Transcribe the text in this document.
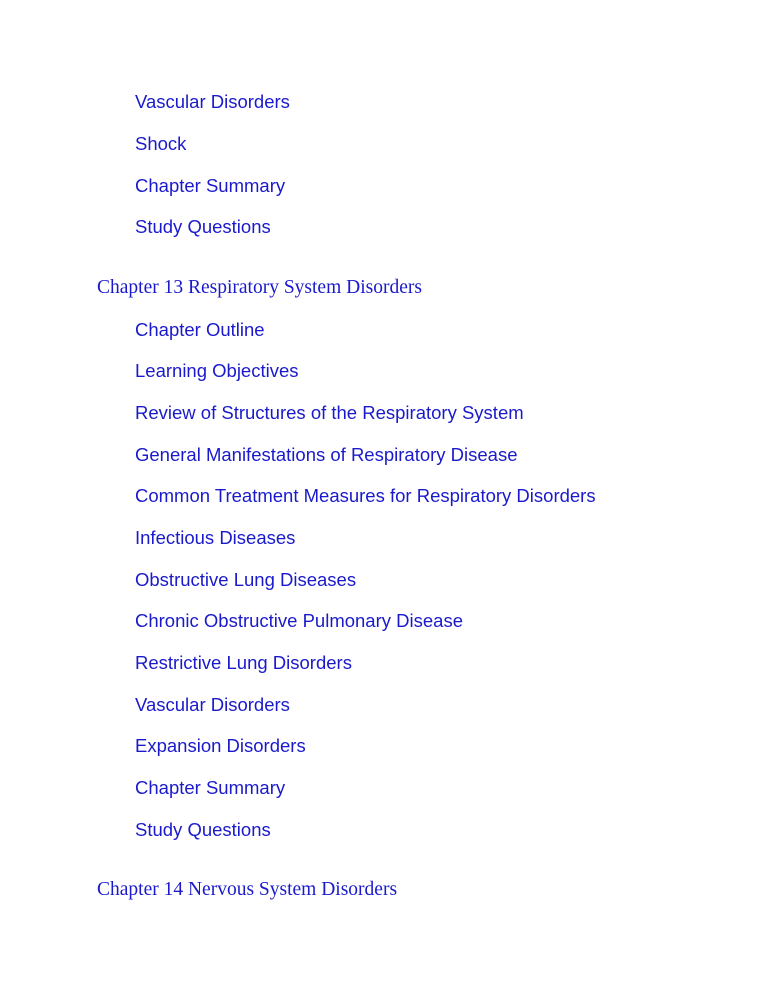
Vascular Disorders
Shock
Chapter Summary
Study Questions
Chapter 13 Respiratory System Disorders
Chapter Outline
Learning Objectives
Review of Structures of the Respiratory System
General Manifestations of Respiratory Disease
Common Treatment Measures for Respiratory Disorders
Infectious Diseases
Obstructive Lung Diseases
Chronic Obstructive Pulmonary Disease
Restrictive Lung Disorders
Vascular Disorders
Expansion Disorders
Chapter Summary
Study Questions
Chapter 14 Nervous System Disorders
